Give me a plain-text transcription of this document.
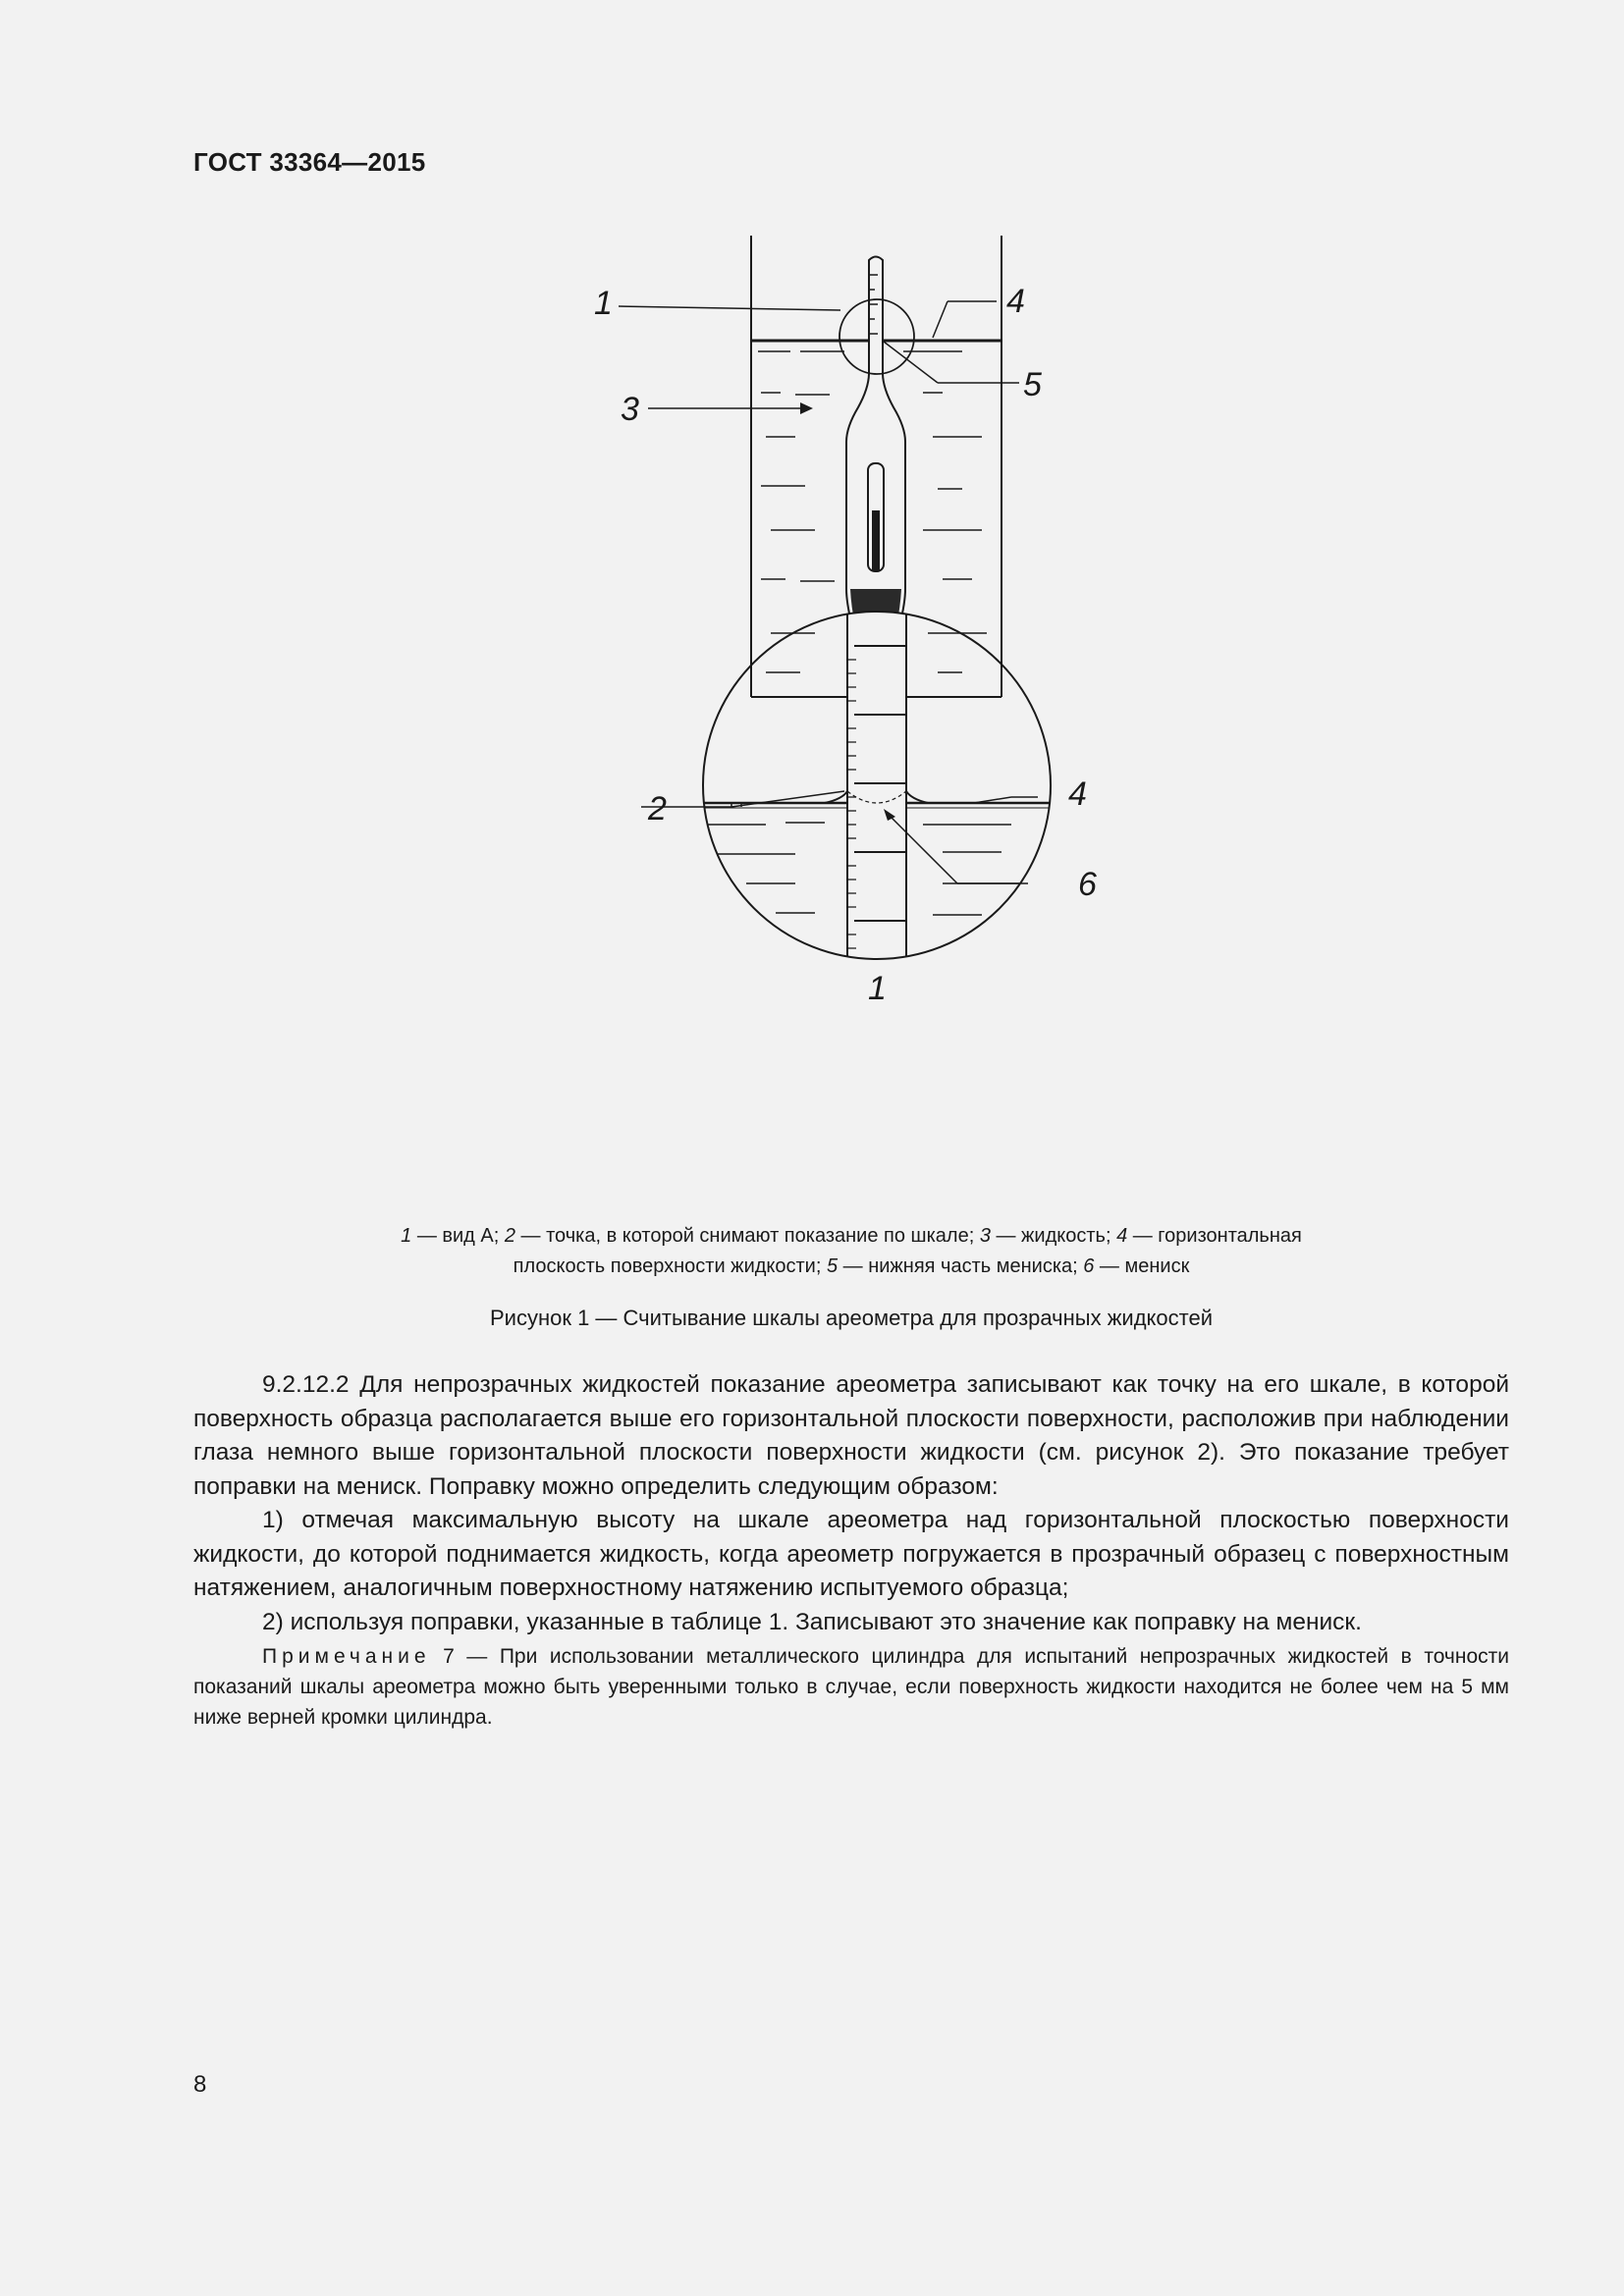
ГОСТ 33364—2015
1	4
5
3
2	4
6
1
1 — вид А; 2 — точка, в которой снимают показание по шкале; 3 — жидкость; 4 — горизонтальная
плоскость поверхности жидкости; 5 — нижняя часть мениска; 6 — мениск
Рисунок 1 — Считывание шкалы ареометра для прозрачных жидкостей

9.2.12.2 Для непрозрачных жидкостей показание ареометра записывают как точку на его шкале, в которой поверхность образца располагается выше его горизонтальной плоскости поверхности, расположив при наблюдении глаза немного выше горизонтальной плоскости поверхности жидкости (см. рисунок 2). Это показание требует поправки на мениск. Поправку можно определить следующим образом:

1) отмечая максимальную высоту на шкале ареометра над горизонтальной плоскостью поверхности жидкости, до которой поднимается жидкость, когда ареометр погружается в прозрачный образец с поверхностным натяжением, аналогичным поверхностному натяжению испытуемого образца;

2) используя поправки, указанные в таблице 1. Записывают это значение как поправку на мениск.

Примечание 7 — При использовании металлического цилиндра для испытаний непрозрачных жидкостей в точности показаний шкалы ареометра можно быть уверенными только в случае, если поверхность жидкости находится не более чем на 5 мм ниже верней кромки цилиндра.

8
